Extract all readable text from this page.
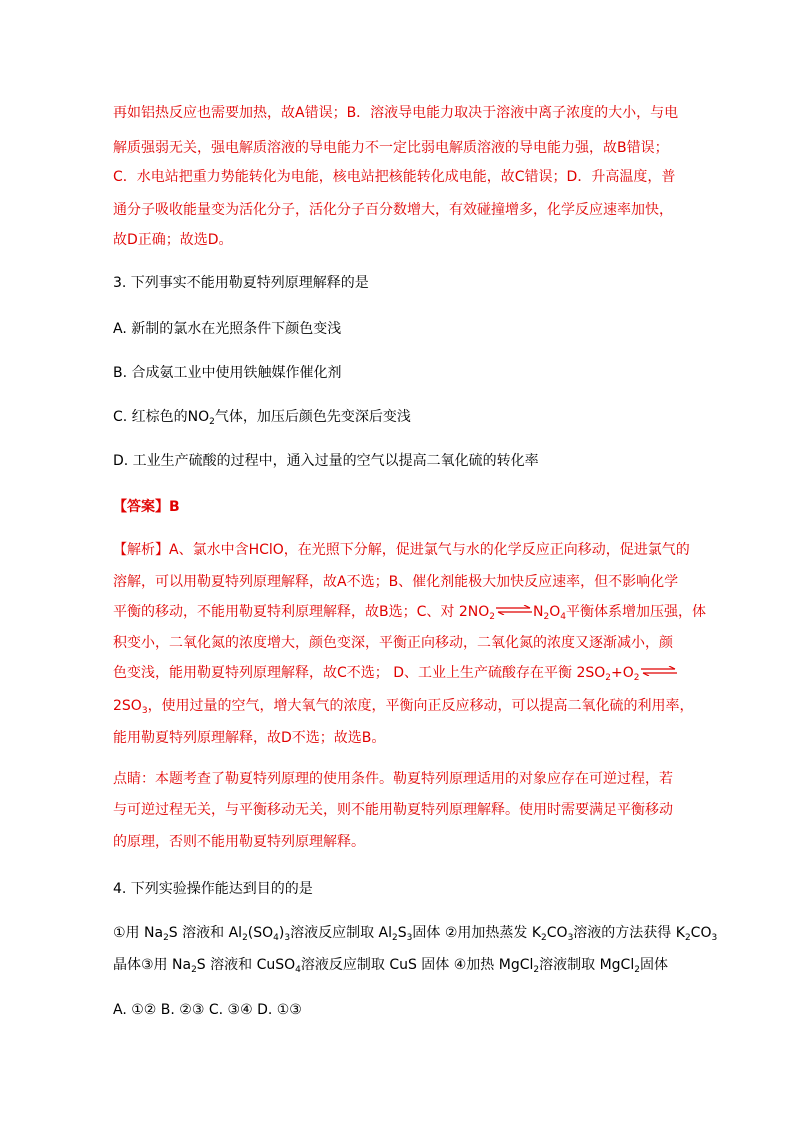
再如铝热反应也需要加热，故A错误；B．溶液导电能力取决于溶液中离子浓度的大小，与电
解质强弱无关，强电解质溶液的导电能力不一定比弱电解质溶液的导电能力强，故B错误；
C．水电站把重力势能转化为电能，核电站把核能转化成电能，故C错误；D．升高温度，普
通分子吸收能量变为活化分子，活化分子百分数增大，有效碰撞增多，化学反应速率加快，
故D正确；故选D。
3. 下列事实不能用勒夏特列原理解释的是
A. 新制的氯水在光照条件下颜色变浅
B. 合成氨工业中使用铁触媒作催化剂
C. 红棕色的$NO_2$气体，加压后颜色先变深后变浅
D. 工业生产硫酸的过程中，通入过量的空气以提高二氧化硫的转化率
【答案】B
【解析】A、氯水中含HClO，在光照下分解，促进氯气与水的化学反应正向移动，促进氯气的
溶解，可以用勒夏特列原理解释，故A不选；B、催化剂能极大加快反应速率，但不影响化学
平衡的移动，不能用勒夏特利原理解释，故B选；C、对 $2NO_2$ $\rightleftharpoons N_2O_4$平衡体系增加压强，体
积变小，二氧化氮的浓度增大，颜色变深，平衡正向移动，二氧化氮的浓度又逐渐减小，颜
色变浅，能用勒夏特列原理解释，故C不选； D、工业上生产硫酸存在平衡 $2SO_2+O_2$
$2SO_3$，使用过量的空气，增大氧气的浓度，平衡向正反应移动，可以提高二氧化硫的利用率，
能用勒夏特列原理解释，故D不选；故选B。
点睛：本题考查了勒夏特列原理的使用条件。勒夏特列原理适用的对象应存在可逆过程，若
与可逆过程无关，与平衡移动无关，则不能用勒夏特列原理解释。使用时需要满足平衡移动
的原理，否则不能用勒夏特列原理解释。
4. 下列实验操作能达到目的的是
①用 $Na_2S$ 溶液和 $Al_2(SO_4)_3$溶液反应制取 $Al_2S_3$固体 ②用加热蒸发 $K_2CO_3$溶液的方法获得 $K_2CO_3$
晶体③用 $Na_2S$ 溶液和 CuSO$_4$溶液反应制取 CuS 固体 ④加热 MgCl$_2$溶液制取 MgCl$_2$固体
A. ①② B. ②③ C. ③④ D. ①③
